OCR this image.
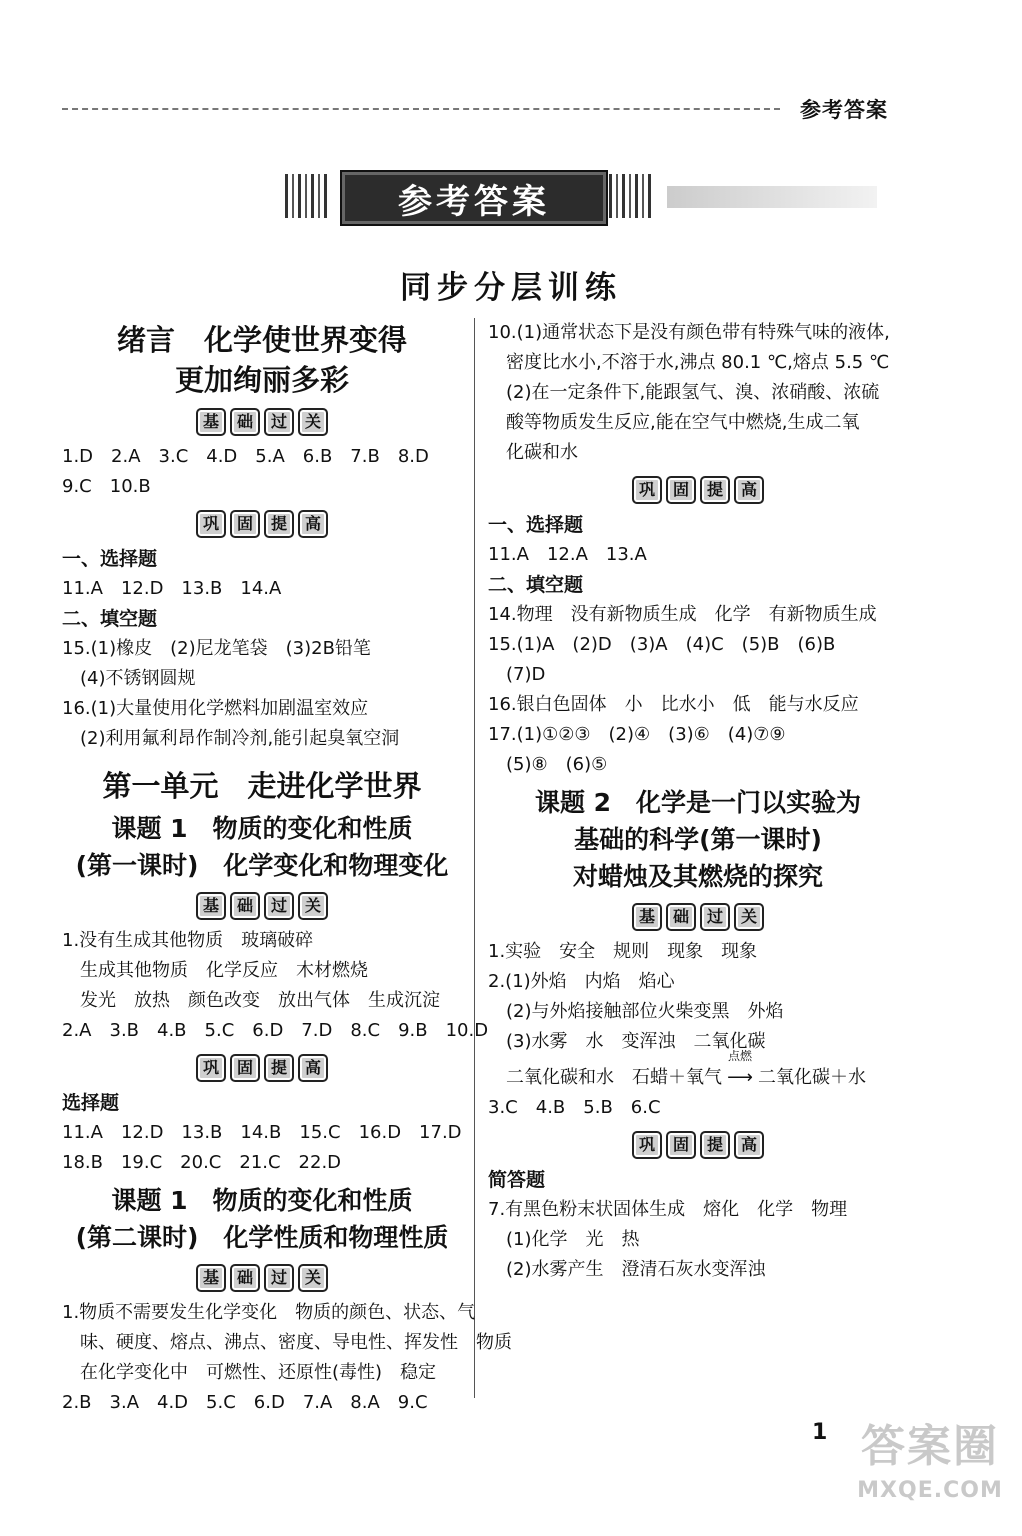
参考答案
参考答案
同步分层训练
绪言　化学使世界变得
更加绚丽多彩
基 础 过 关
1.D　2.A　3.C　4.D　5.A　6.B　7.B　8.D
9.C　10.B
巩 固 提 高
一、选择题
11.A　12.D　13.B　14.A
二、填空题
15.(1)橡皮　(2)尼龙笔袋　(3)2B铅笔
(4)不锈钢圆规
16.(1)大量使用化学燃料加剧温室效应
(2)利用氟利昂作制冷剂,能引起臭氧空洞
第一单元　走进化学世界
课题 1　物质的变化和性质
(第一课时)　化学变化和物理变化
基 础 过 关
1.没有生成其他物质　玻璃破碎
生成其他物质　化学反应　木材燃烧
发光　放热　颜色改变　放出气体　生成沉淀
2.A　3.B　4.B　5.C　6.D　7.D　8.C　9.B　10.D
巩 固 提 高
选择题
11.A　12.D　13.B　14.B　15.C　16.D　17.D
18.B　19.C　20.C　21.C　22.D
课题 1　物质的变化和性质
(第二课时)　化学性质和物理性质
基 础 过 关
1.物质不需要发生化学变化　物质的颜色、状态、气
味、硬度、熔点、沸点、密度、导电性、挥发性　物质
在化学变化中　可燃性、还原性(毒性)　稳定
2.B　3.A　4.D　5.C　6.D　7.A　8.A　9.C
10.(1)通常状态下是没有颜色带有特殊气味的液体,
密度比水小,不溶于水,沸点 80.1 ℃,熔点 5.5 ℃
(2)在一定条件下,能跟氢气、溴、浓硝酸、浓硫
酸等物质发生反应,能在空气中燃烧,生成二氧
化碳和水
巩 固 提 高
一、选择题
11.A　12.A　13.A
二、填空题
14.物理　没有新物质生成　化学　有新物质生成
15.(1)A　(2)D　(3)A　(4)C　(5)B　(6)B
(7)D
16.银白色固体　小　比水小　低　能与水反应
17.(1)①②③　(2)④　(3)⑥　(4)⑦⑨
(5)⑧　(6)⑤
课题 2　化学是一门以实验为
基础的科学(第一课时)
对蜡烛及其燃烧的探究
基 础 过 关
1.实验　安全　规则　现象　现象
2.(1)外焰　内焰　焰心
(2)与外焰接触部位火柴变黑　外焰
(3)水雾　水　变浑浊　二氧化碳
二氧化碳和水　石蜡＋氧气
点燃
⟶ 二氧化碳＋水
3.C　4.B　5.B　6.C
巩 固 提 高
简答题
7.有黑色粉末状固体生成　熔化　化学　物理
(1)化学　光　热
(2)水雾产生　澄清石灰水变浑浊
1 答案圈
MXQE.COM
